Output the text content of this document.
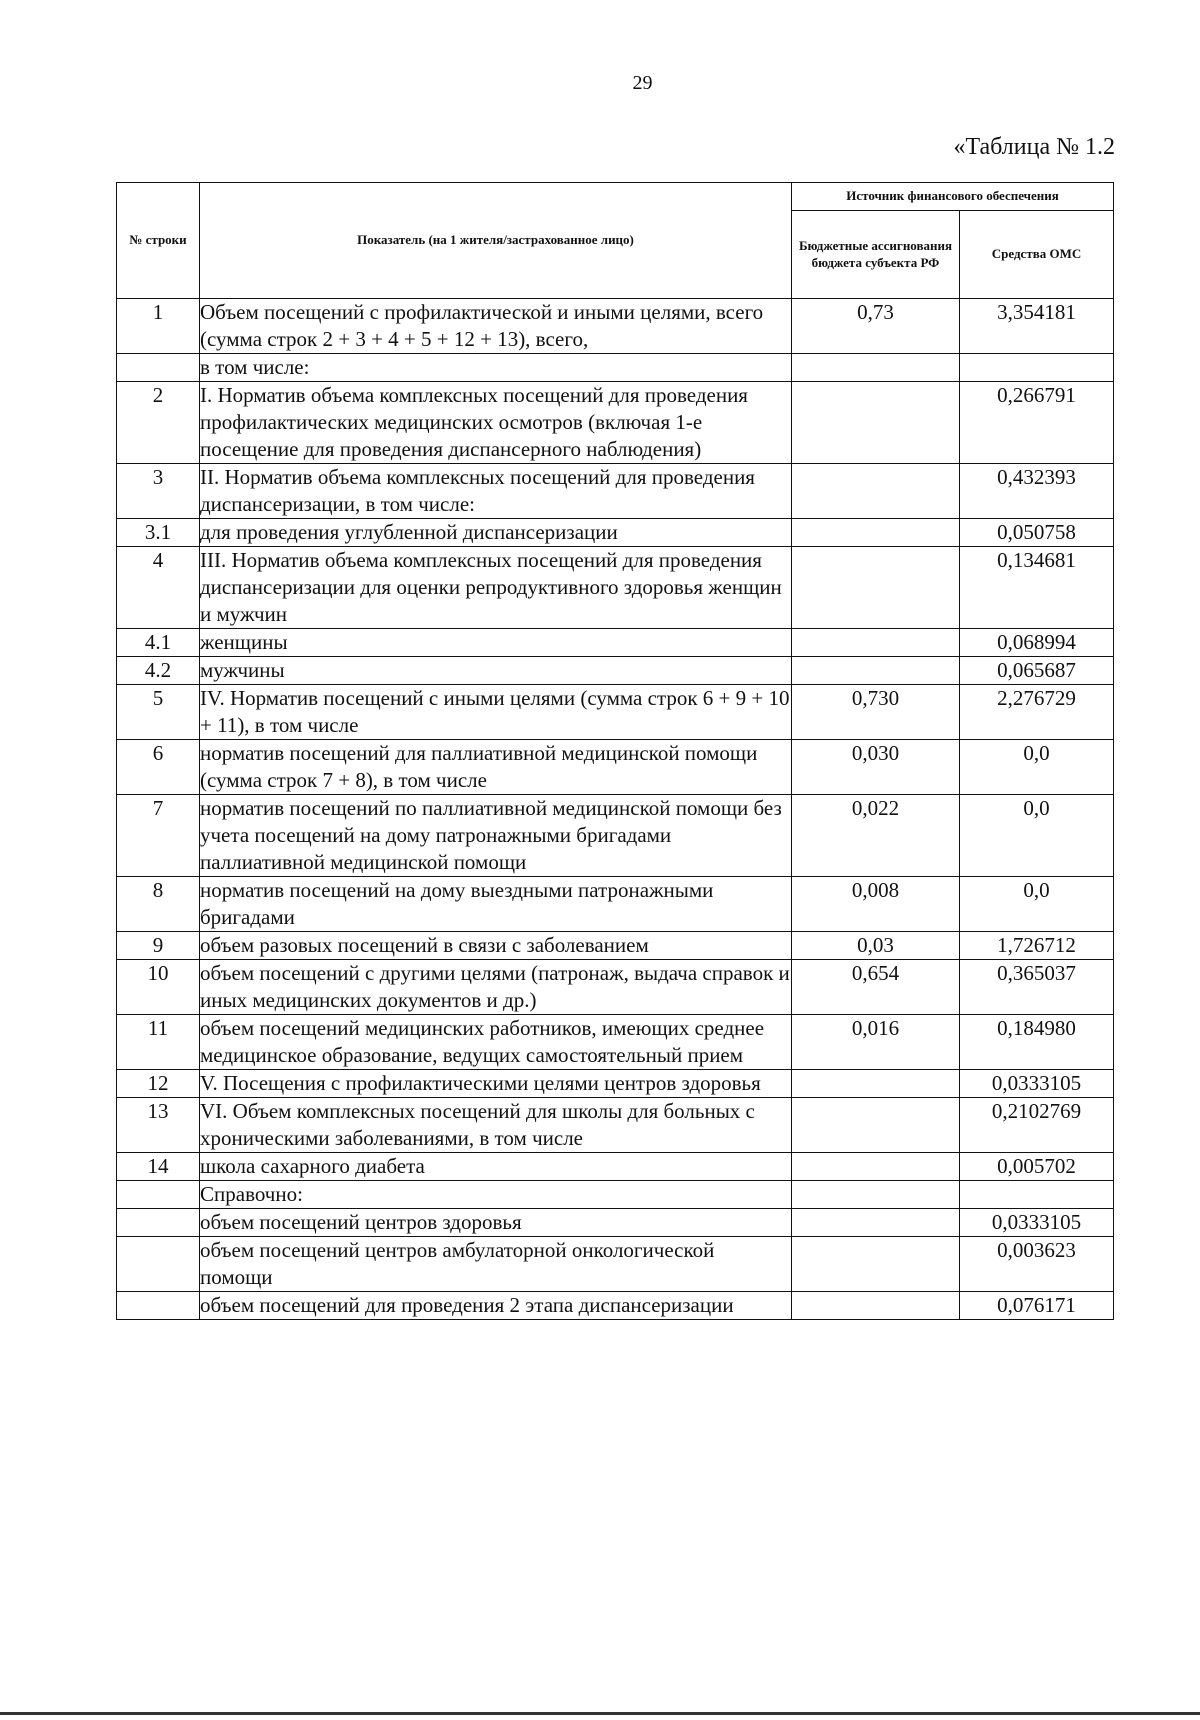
29
«Таблица № 1.2
№ строки	Показатель (на 1 жителя/застрахованное лицо)	Источник финансового обеспечения	
		Бюджетные ассигнования бюджета субъекта РФ	Средства ОМС
1	Объем посещений с профилактической и иными целями, всего (сумма строк 2 + 3 + 4 + 5 + 12 + 13), всего,	0,73	3,354181
	в том числе:		
2	I. Норматив объема комплексных посещений для проведения профилактических медицинских осмотров (включая 1-е посещение для проведения диспансерного наблюдения)		0,266791
3	II. Норматив объема комплексных посещений для проведения диспансеризации, в том числе:		0,432393
3.1	для проведения углубленной диспансеризации		0,050758
4	III. Норматив объема комплексных посещений для проведения диспансеризации для оценки репродуктивного здоровья женщин и мужчин		0,134681
4.1	женщины		0,068994
4.2	мужчины		0,065687
5	IV. Норматив посещений с иными целями (сумма строк 6 + 9 + 10 + 11), в том числе	0,730	2,276729
6	норматив посещений для паллиативной медицинской помощи (сумма строк 7 + 8), в том числе	0,030	0,0
7	норматив посещений по паллиативной медицинской помощи без учета посещений на дому патронажными бригадами паллиативной медицинской помощи	0,022	0,0
8	норматив посещений на дому выездными патронажными бригадами	0,008	0,0
9	объем разовых посещений в связи с заболеванием	0,03	1,726712
10	объем посещений с другими целями (патронаж, выдача справок и иных медицинских документов и др.)	0,654	0,365037
11	объем посещений медицинских работников, имеющих среднее медицинское образование, ведущих самостоятельный прием	0,016	0,184980
12	V. Посещения с профилактическими целями центров здоровья		0,0333105
13	VI. Объем комплексных посещений для школы для больных с хроническими заболеваниями, в том числе		0,2102769
14	школа сахарного диабета		0,005702
	Справочно:		
	объем посещений центров здоровья		0,0333105
	объем посещений центров амбулаторной онкологической помощи		0,003623
	объем посещений для проведения 2 этапа диспансеризации		0,076171
